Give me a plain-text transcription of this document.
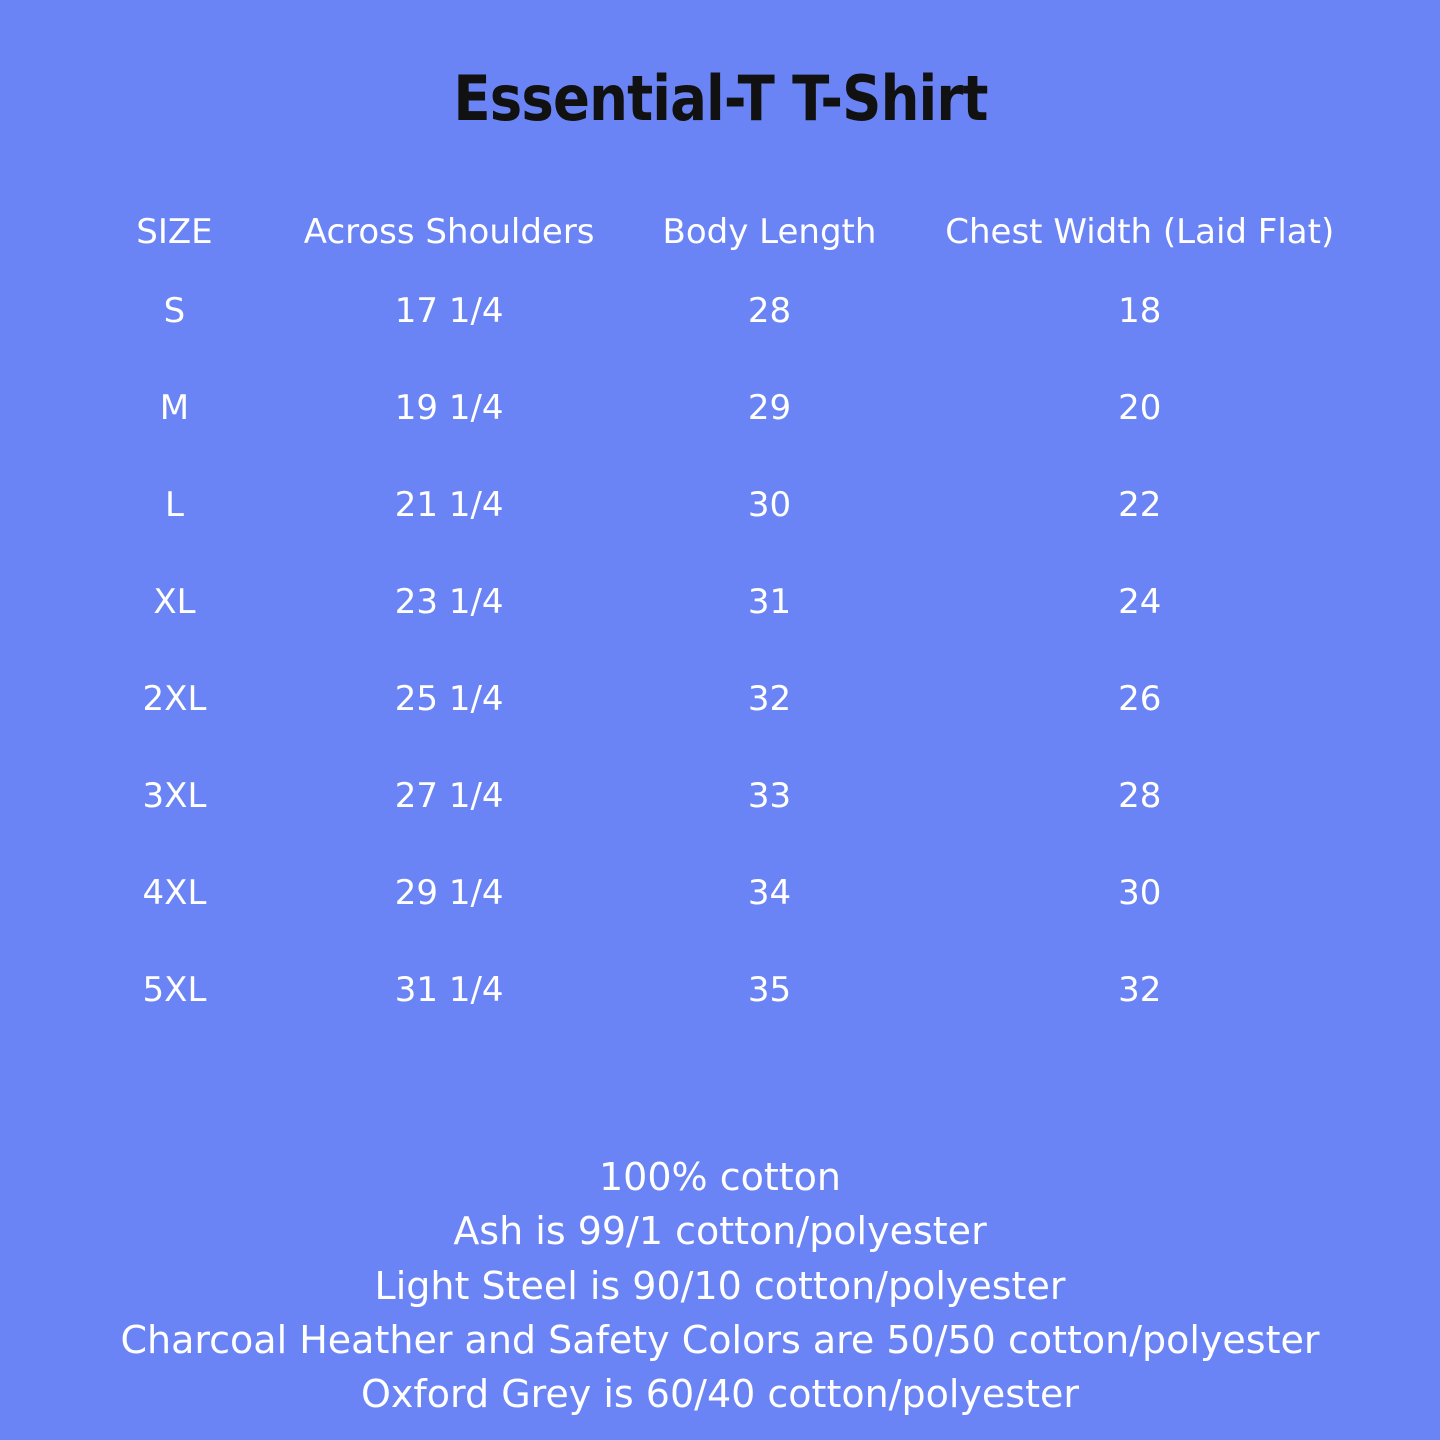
Essential-T T-Shirt
SIZE	Across Shoulders	Body Length	Chest Width (Laid Flat)
S	17 1/4	28	18
M	19 1/4	29	20
L	21 1/4	30	22
XL	23 1/4	31	24
2XL	25 1/4	32	26
3XL	27 1/4	33	28
4XL	29 1/4	34	30
5XL	31 1/4	35	32
100% cotton
Ash is 99/1 cotton/polyester
Light Steel is 90/10 cotton/polyester
Charcoal Heather and Safety Colors are 50/50 cotton/polyester
Oxford Grey is 60/40 cotton/polyester
